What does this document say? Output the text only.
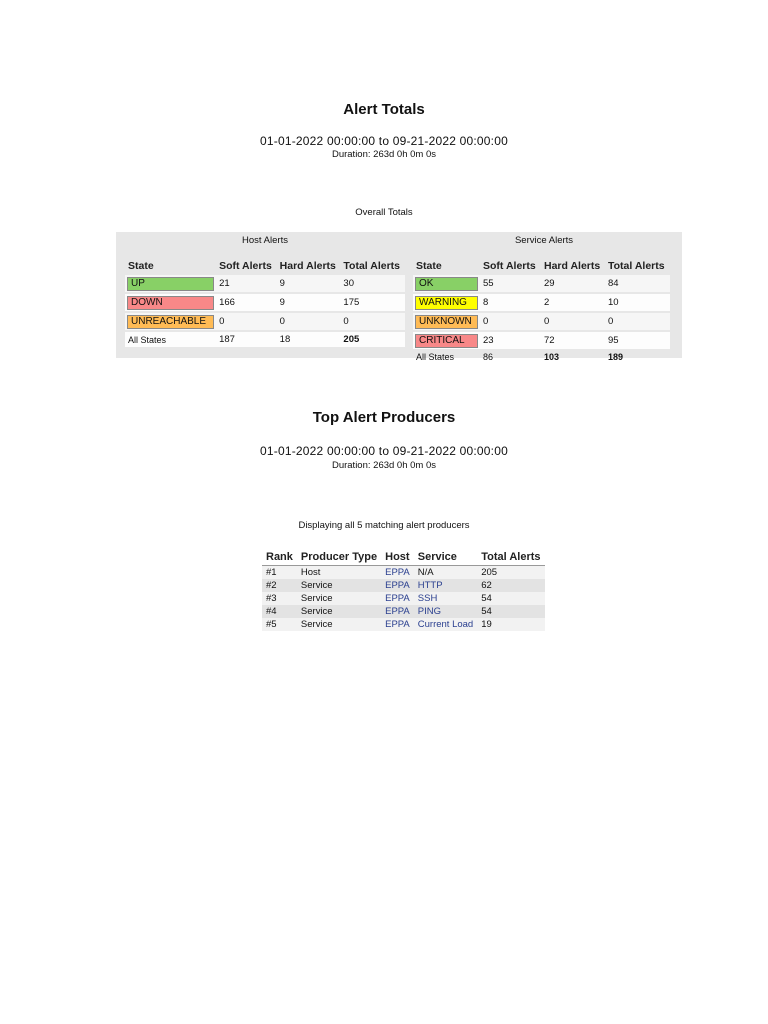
Alert Totals
01-01-2022 00:00:00 to 09-21-2022 00:00:00
Duration: 263d 0h 0m 0s
Overall Totals
Host Alerts
State	Soft Alerts	Hard Alerts	Total Alerts

UP	21	9	30

DOWN	166	9	175

UNREACHABLE	0	0	0
All States	187	18	205
Service Alerts
State	Soft Alerts	Hard Alerts	Total Alerts

OK	55	29	84

WARNING	8	2	10

UNKNOWN	0	0	0

CRITICAL	23	72	95
All States	86	103	189
Top Alert Producers
01-01-2022 00:00:00 to 09-21-2022 00:00:00
Duration: 263d 0h 0m 0s
Displaying all 5 matching alert producers
Rank	Producer Type	Host	Service	Total Alerts
#1	Host	EPPA	N/A	205
#2	Service	EPPA	HTTP	62
#3	Service	EPPA	SSH	54
#4	Service	EPPA	PING	54
#5	Service	EPPA	Current Load	19
